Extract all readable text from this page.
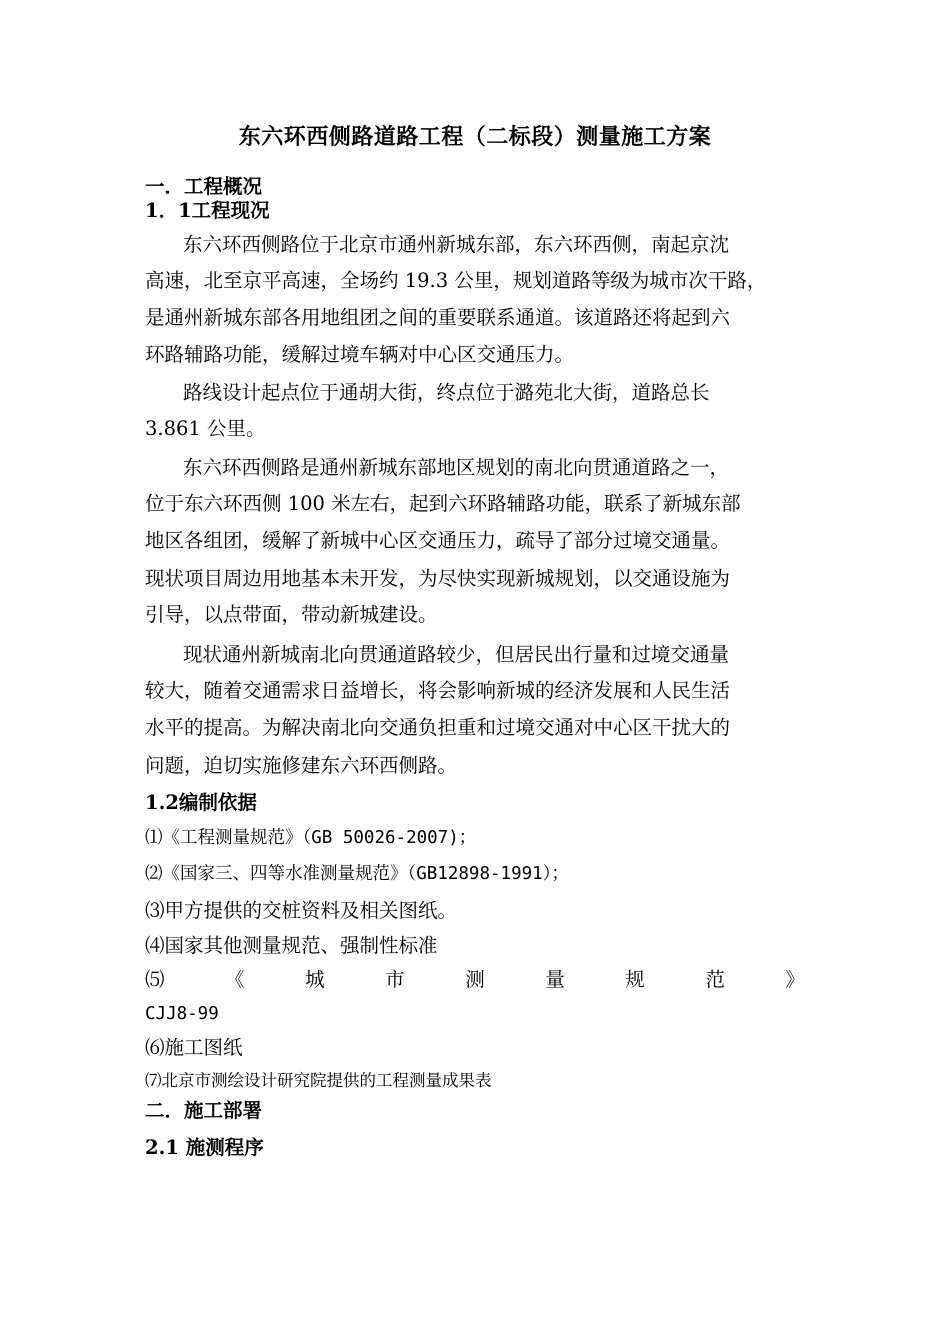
东六环西侧路道路工程（二标段）测量施工方案
一．工程概况
1．1工程现况
东六环西侧路位于北京市通州新城东部，东六环西侧，南起京沈
高速，北至京平高速，全场约 19.3 公里，规划道路等级为城市次干路，
是通州新城东部各用地组团之间的重要联系通道。该道路还将起到六
环路辅路功能，缓解过境车辆对中心区交通压力。
路线设计起点位于通胡大街，终点位于潞苑北大街，道路总长
3.861 公里。
东六环西侧路是通州新城东部地区规划的南北向贯通道路之一，
位于东六环西侧 100 米左右，起到六环路辅路功能，联系了新城东部
地区各组团，缓解了新城中心区交通压力，疏导了部分过境交通量。
现状项目周边用地基本未开发，为尽快实现新城规划，以交通设施为
引导，以点带面，带动新城建设。
现状通州新城南北向贯通道路较少，但居民出行量和过境交通量
较大，随着交通需求日益增长，将会影响新城的经济发展和人民生活
水平的提高。为解决南北向交通负担重和过境交通对中心区干扰大的
问题，迫切实施修建东六环西侧路。
1.2编制依据
⑴《工程测量规范》（GB 50026-2007)；
⑵《国家三、四等水准测量规范》（GB12898-1991）；
⑶甲方提供的交桩资料及相关图纸。
⑷国家其他测量规范、强制性标准
⑸	《	城	市	测	量	规	范	》
CJJ8-99
⑹施工图纸
⑺北京市测绘设计研究院提供的工程测量成果表
二．施工部署
2.1 施测程序
